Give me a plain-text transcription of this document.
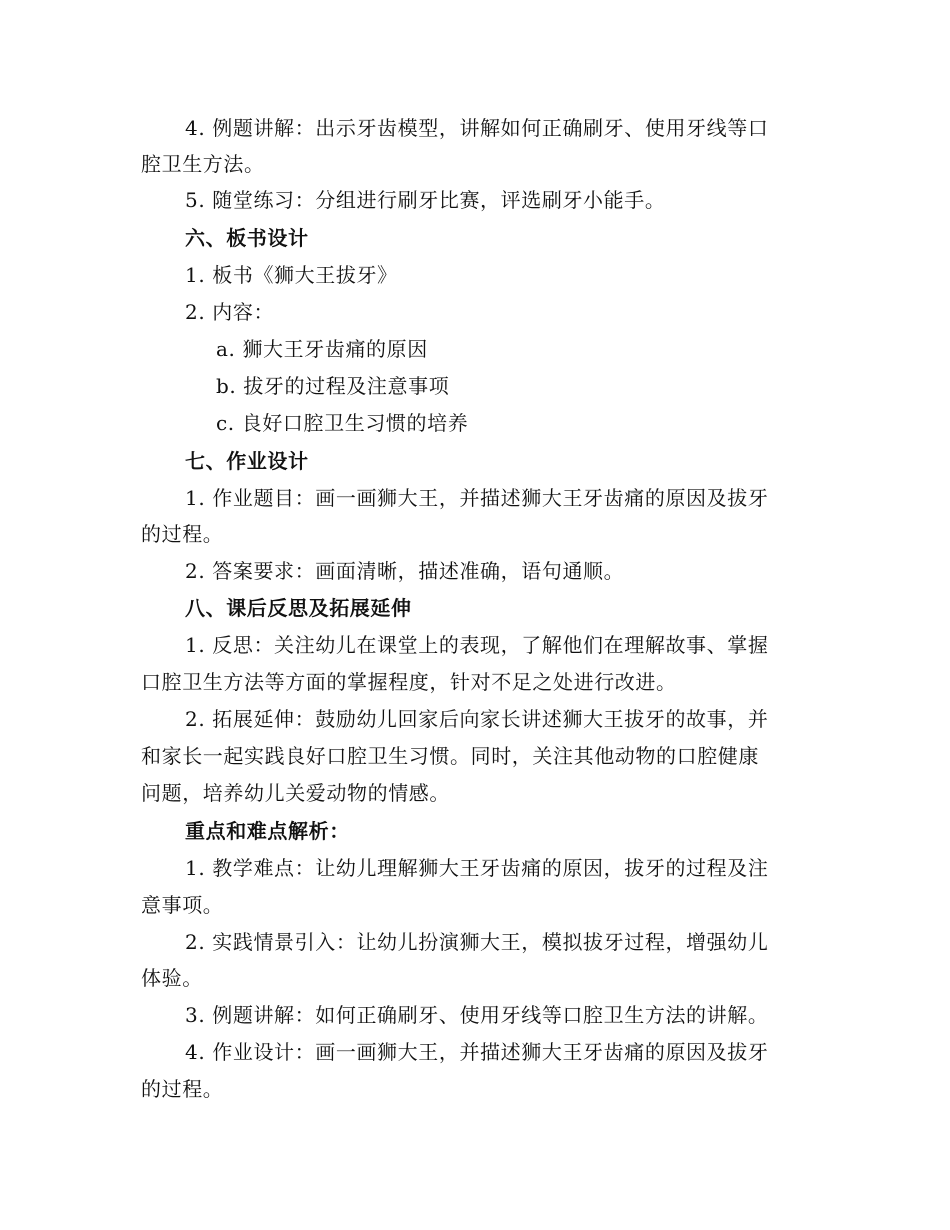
4. 例题讲解：出示牙齿模型，讲解如何正确刷牙、使用牙线等口
腔卫生方法。
5. 随堂练习：分组进行刷牙比赛，评选刷牙小能手。
六、板书设计
1. 板书《狮大王拔牙》
2. 内容：
a. 狮大王牙齿痛的原因
b. 拔牙的过程及注意事项
c. 良好口腔卫生习惯的培养
七、作业设计
1. 作业题目：画一画狮大王，并描述狮大王牙齿痛的原因及拔牙
的过程。
2. 答案要求：画面清晰，描述准确，语句通顺。
八、课后反思及拓展延伸
1. 反思：关注幼儿在课堂上的表现，了解他们在理解故事、掌握
口腔卫生方法等方面的掌握程度，针对不足之处进行改进。
2. 拓展延伸：鼓励幼儿回家后向家长讲述狮大王拔牙的故事，并
和家长一起实践良好口腔卫生习惯。同时，关注其他动物的口腔健康
问题，培养幼儿关爱动物的情感。
重点和难点解析：
1. 教学难点：让幼儿理解狮大王牙齿痛的原因，拔牙的过程及注
意事项。
2. 实践情景引入：让幼儿扮演狮大王，模拟拔牙过程，增强幼儿
体验。
3. 例题讲解：如何正确刷牙、使用牙线等口腔卫生方法的讲解。
4. 作业设计：画一画狮大王，并描述狮大王牙齿痛的原因及拔牙
的过程。
